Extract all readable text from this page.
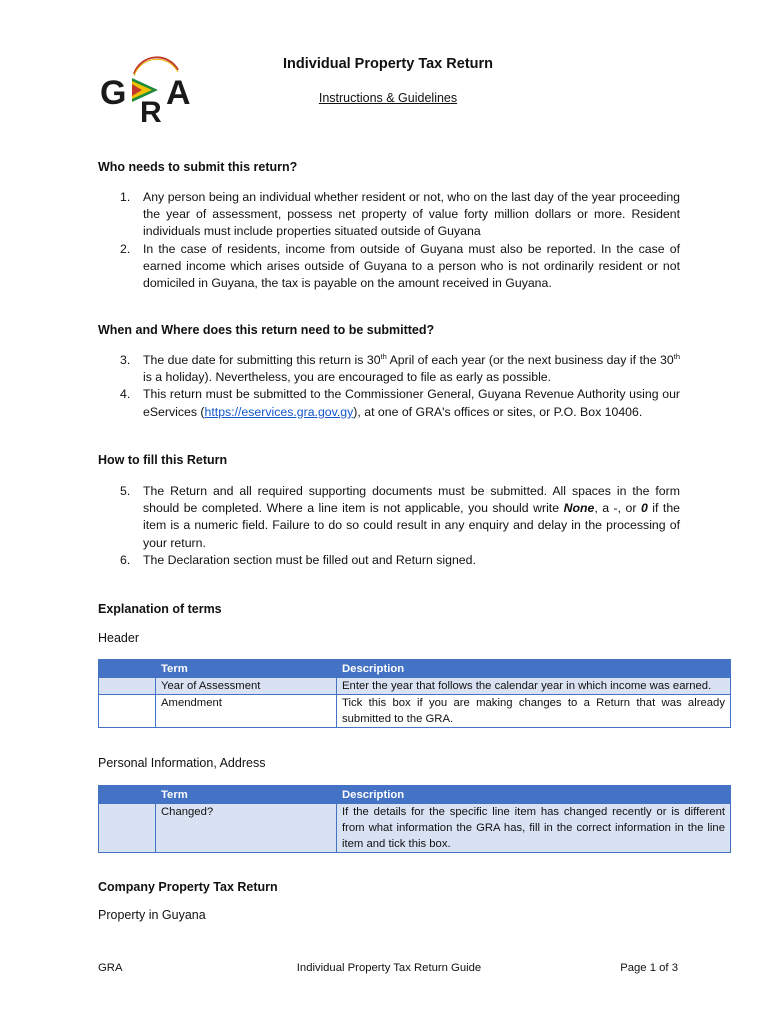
G
R
A
Individual Property Tax Return
Instructions & Guidelines
Who needs to submit this return?
1. Any person being an individual whether resident or not, who on the last day of the year proceeding the year of assessment, possess net property of value forty million dollars or more. Resident individuals must include properties situated outside of Guyana
2. In the case of residents, income from outside of Guyana must also be reported. In the case of earned income which arises outside of Guyana to a person who is not ordinarily resident or not domiciled in Guyana, the tax is payable on the amount received in Guyana.
When and Where does this return need to be submitted?
3. The due date for submitting this return is 30th April of each year (or the next business day if the 30th is a holiday). Nevertheless, you are encouraged to file as early as possible.
4. This return must be submitted to the Commissioner General, Guyana Revenue Authority using our eServices (https://eservices.gra.gov.gy), at one of GRA's offices or sites, or P.O. Box 10406.
How to fill this Return
5. The Return and all required supporting documents must be submitted. All spaces in the form should be completed. Where a line item is not applicable, you should write None, a -, or 0 if the item is a numeric field. Failure to do so could result in any enquiry and delay in the processing of your return.
6. The Declaration section must be filled out and Return signed.
Explanation of terms

Header

	Term	Description
	Year of Assessment	Enter the year that follows the calendar year in which income was earned.
	Amendment	Tick this box if you are making changes to a Return that was already submitted to the GRA.

Personal Information, Address

	Term	Description
	Changed?	If the details for the specific line item has changed recently or is different from what information the GRA has, fill in the correct information in the line item and tick this box.
Company Property Tax Return

Property in Guyana

GRA	Individual Property Tax Return Guide	Page 1 of 3
